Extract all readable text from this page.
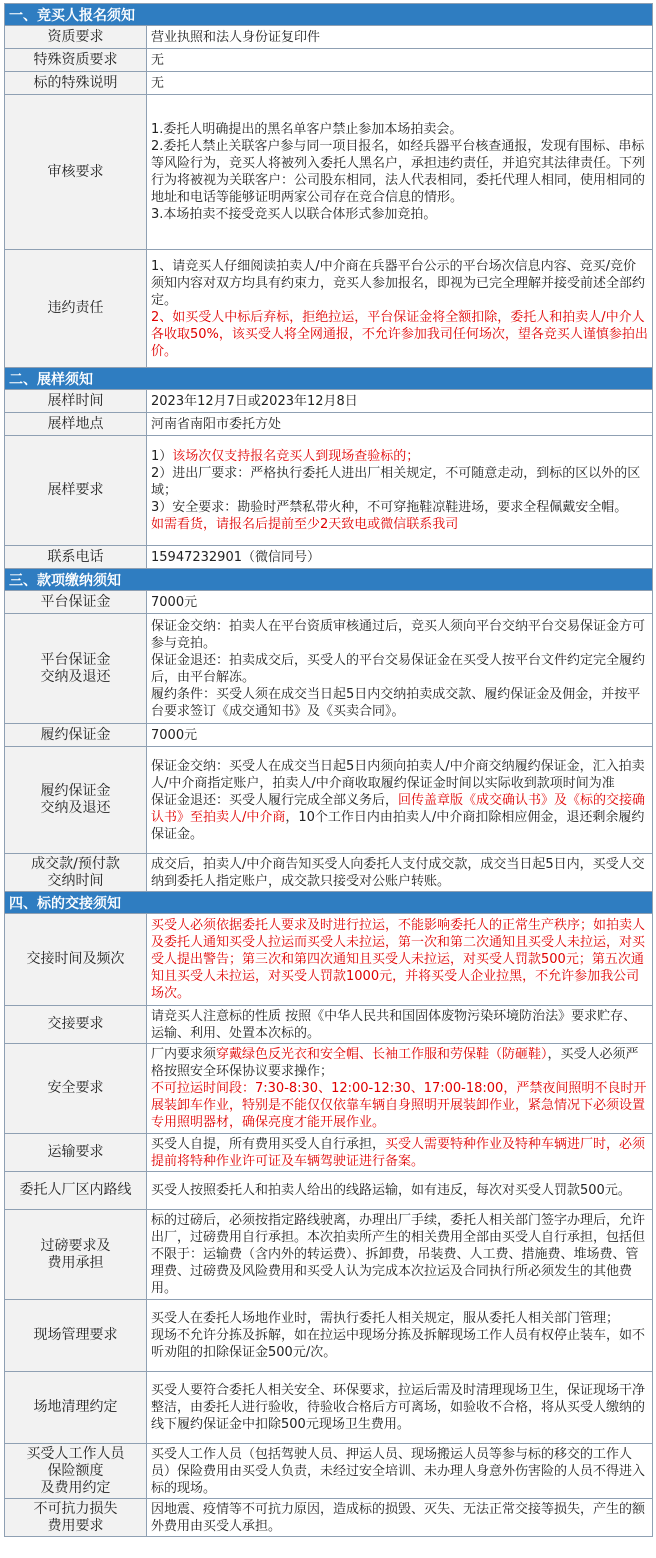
一、竞买人报名须知	
资质要求	营业执照和法人身份证复印件
特殊资质要求	无
标的特殊说明	无
审核要求	1.委托人明确提出的黑名单客户禁止参加本场拍卖会。
2.委托人禁止关联客户参与同一项目报名，如经兵器平台核查通报，发现有围标、串标等风险行为，竞买人将被列入委托人黑名户，承担违约责任，并追究其法律责任。下列行为将被视为关联客户：公司股东相同，法人代表相同，委托代理人相同，使用相同的地址和电话等能够证明两家公司存在竞合信息的情形。
3.本场拍卖不接受竞买人以联合体形式参加竞拍。

违约责任	1、请竞买人仔细阅读拍卖人/中介商在兵器平台公示的平台场次信息内容、竞买/竞价须知内容对双方均具有约束力，竞买人参加报名，即视为已完全理解并接受前述全部约定。
2、如买受人中标后弃标，拒绝拉运，平台保证金将全额扣除，委托人和拍卖人/中介人各收取50%，该买受人将全网通报，不允许参加我司任何场次，望各竞买人谨慎参拍出价。

二、展样须知	
展样时间	2023年12月7日或2023年12月8日
展样地点	河南省南阳市委托方处
展样要求	1）该场次仅支持报名竞买人到现场查验标的；
2）进出厂要求：严格执行委托人进出厂相关规定，不可随意走动，到标的区以外的区域；
3）安全要求：勘验时严禁私带火种，不可穿拖鞋凉鞋进场，要求全程佩戴安全帽。
如需看货，请报名后提前至少2天致电或微信联系我司

联系电话	15947232901（微信同号）
三、款项缴纳须知	
平台保证金	7000元

平台保证金
交纳及退还	保证金交纳：拍卖人在平台资质审核通过后，竞买人须向平台交纳平台交易保证金方可参与竞拍。
保证金退还：拍卖成交后，买受人的平台交易保证金在买受人按平台文件约定完全履约后，由平台解冻。
履约条件：买受人须在成交当日起5日内交纳拍卖成交款、履约保证金及佣金，并按平台要求签订《成交通知书》及《买卖合同》。

履约保证金	7000元

履约保证金
交纳及退还	保证金交纳：买受人在成交当日起5日内须向拍卖人/中介商交纳履约保证金，汇入拍卖人/中介商指定账户，拍卖人/中介商收取履约保证金时间以实际收到款项时间为准
保证金退还：买受人履行完成全部义务后，回传盖章版《成交确认书》及《标的交接确认书》至拍卖人/中介商，10个工作日内由拍卖人/中介商扣除相应佣金，退还剩余履约保证金。

成交款/预付款
交纳时间	成交后，拍卖人/中介商告知买受人向委托人支付成交款，成交当日起5日内，买受人交纳到委托人指定账户，成交款只接受对公账户转账。
四、标的交接须知	
交接时间及频次	买受人必须依据委托人要求及时进行拉运，不能影响委托人的正常生产秩序；如拍卖人及委托人通知买受人拉运而买受人未拉运，第一次和第二次通知且买受人未拉运，对买受人提出警告；第三次和第四次通知且买受人未拉运，对买受人罚款500元；第五次通知且买受人未拉运，对买受人罚款1000元，并将买受人企业拉黑，不允许参加我公司场次。

交接要求	请竞买人注意标的性质 按照《中华人民共和国固体废物污染环境防治法》要求贮存、运输、利用、处置本次标的。
安全要求	厂内要求须穿戴绿色反光衣和安全帽、长袖工作服和劳保鞋（防砸鞋），买受人必须严格按照安全环保协议要求操作；
不可拉运时间段：7:30-8:30、12:00-12:30、17:00-18:00，严禁夜间照明不良时开展装卸车作业，特别是不能仅仅依靠车辆自身照明开展装卸作业，紧急情况下必须设置专用照明器材，确保亮度才能开展作业。

运输要求	买受人自提，所有费用买受人自行承担，买受人需要特种作业及特种车辆进厂时，必须提前将特种作业许可证及车辆驾驶证进行备案。

委托人厂区内路线	买受人按照委托人和拍卖人给出的线路运输，如有违反，每次对买受人罚款500元。

过磅要求及
费用承担	标的过磅后，必须按指定路线驶离，办理出厂手续，委托人相关部门签字办理后，允许出厂，过磅费用自行承担。本次拍卖所产生的相关费用全部由买受人自行承担，包括但不限于：运输费（含内外的转运费）、拆卸费，吊装费、人工费、措施费、堆场费、管理费、过磅费及风险费用和买受人认为完成本次拉运及合同执行所必须发生的其他费用。
现场管理要求	买受人在委托人场地作业时，需执行委托人相关规定，服从委托人相关部门管理；
现场不允许分拣及拆解，如在拉运中现场分拣及拆解现场工作人员有权停止装车，如不听劝阻的扣除保证金500元/次。

场地清理约定	买受人要符合委托人相关安全、环保要求，拉运后需及时清理现场卫生，保证现场干净整洁，由委托人进行验收，待验收合格后方可离场，如验收不合格，将从买受人缴纳的线下履约保证金中扣除500元现场卫生费用。

买受人工作人员
保险额度
及费用约定	买受人工作人员（包括驾驶人员、押运人员、现场搬运人员等参与标的移交的工作人员）保险费用由买受人负责，未经过安全培训、未办理人身意外伤害险的人员不得进入标的现场。

不可抗力损失
费用要求	因地震、疫情等不可抗力原因，造成标的损毁、灭失、无法正常交接等损失，产生的额外费用由买受人承担。
